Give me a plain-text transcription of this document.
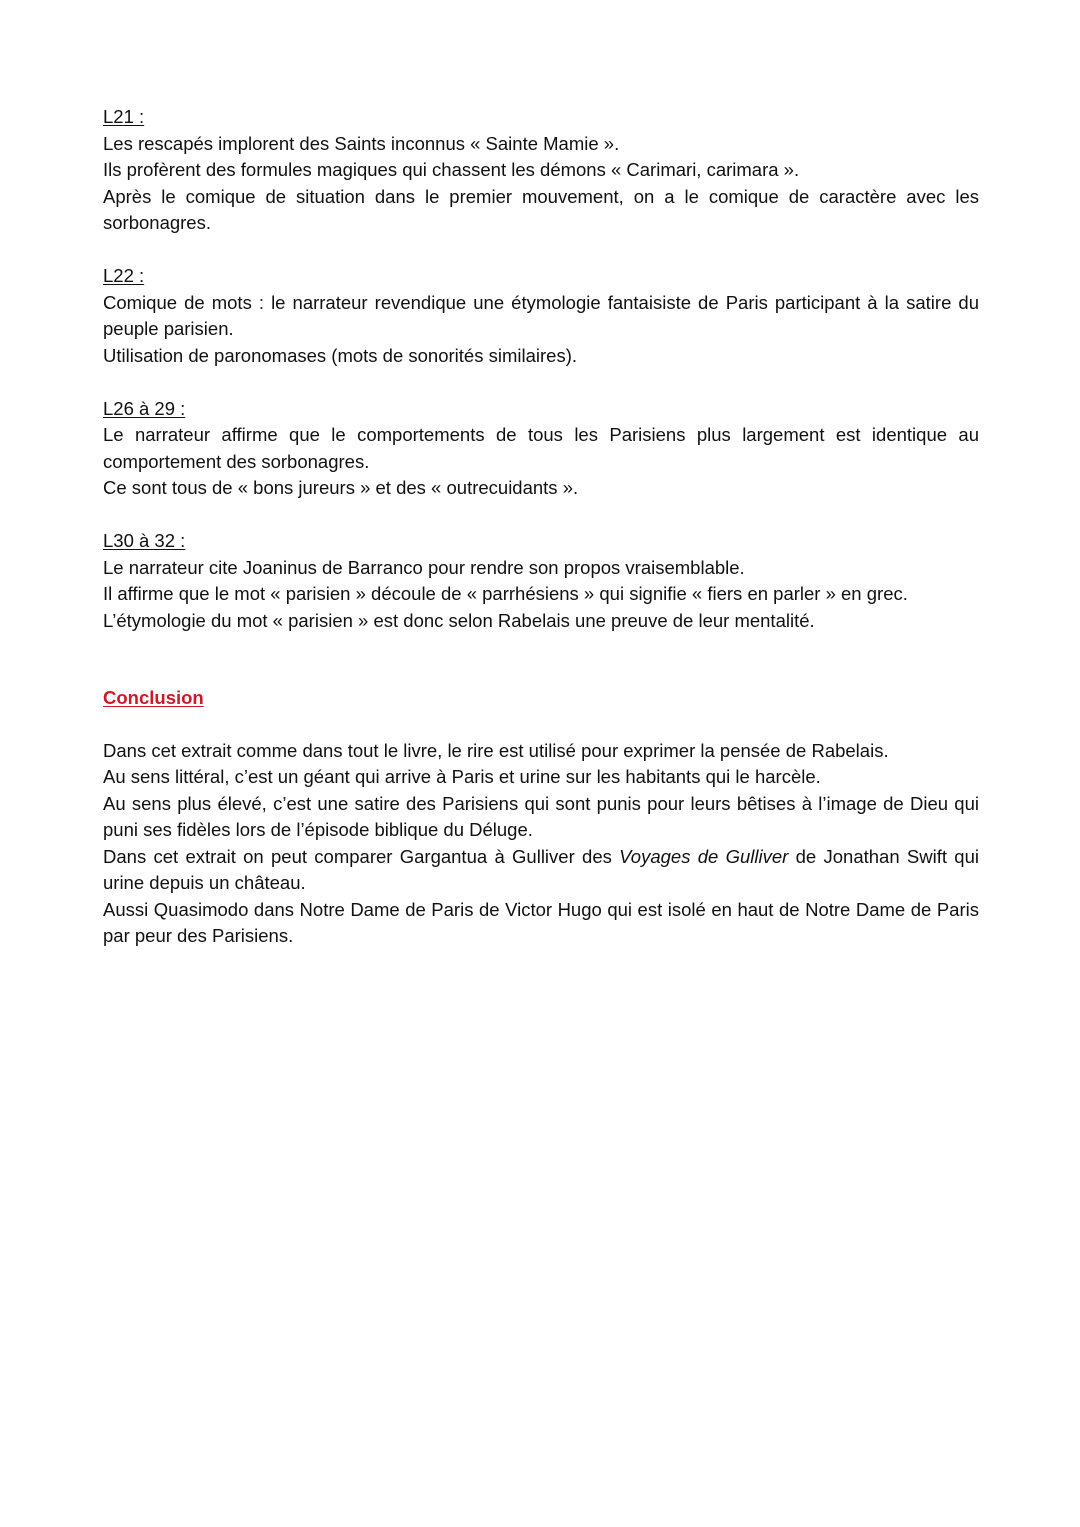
L21 :

Les rescapés implorent des Saints inconnus « Sainte Mamie ».

Ils profèrent des formules magiques qui chassent les démons « Carimari, carimara ».

Après le comique de situation dans le premier mouvement, on a le comique de caractère avec les sorbonagres.

L22 :

Comique de mots : le narrateur revendique une étymologie fantaisiste de Paris participant à la satire du peuple parisien.

Utilisation de paronomases (mots de sonorités similaires).

L26 à 29 :

Le narrateur affirme que le comportements de tous les Parisiens plus largement est identique au comportement des sorbonagres.

Ce sont tous de « bons jureurs » et des « outrecuidants ».

L30 à 32 :

Le narrateur cite Joaninus de Barranco pour rendre son propos vraisemblable.

Il affirme que le mot « parisien » découle de « parrhésiens » qui signifie « fiers en parler » en grec.

L’étymologie du mot « parisien » est donc selon Rabelais une preuve de leur mentalité.

Conclusion

Dans cet extrait comme dans tout le livre, le rire est utilisé pour exprimer la pensée de Rabelais.

Au sens littéral, c’est un géant qui arrive à Paris et urine sur les habitants qui le harcèle.

Au sens plus élevé, c’est une satire des Parisiens qui sont punis pour leurs bêtises à l’image de Dieu qui puni ses fidèles lors de l’épisode biblique du Déluge.

Dans cet extrait on peut comparer Gargantua à Gulliver des Voyages de Gulliver de Jonathan Swift qui urine depuis un château.

Aussi Quasimodo dans Notre Dame de Paris de Victor Hugo qui est isolé en haut de Notre Dame de Paris par peur des Parisiens.
